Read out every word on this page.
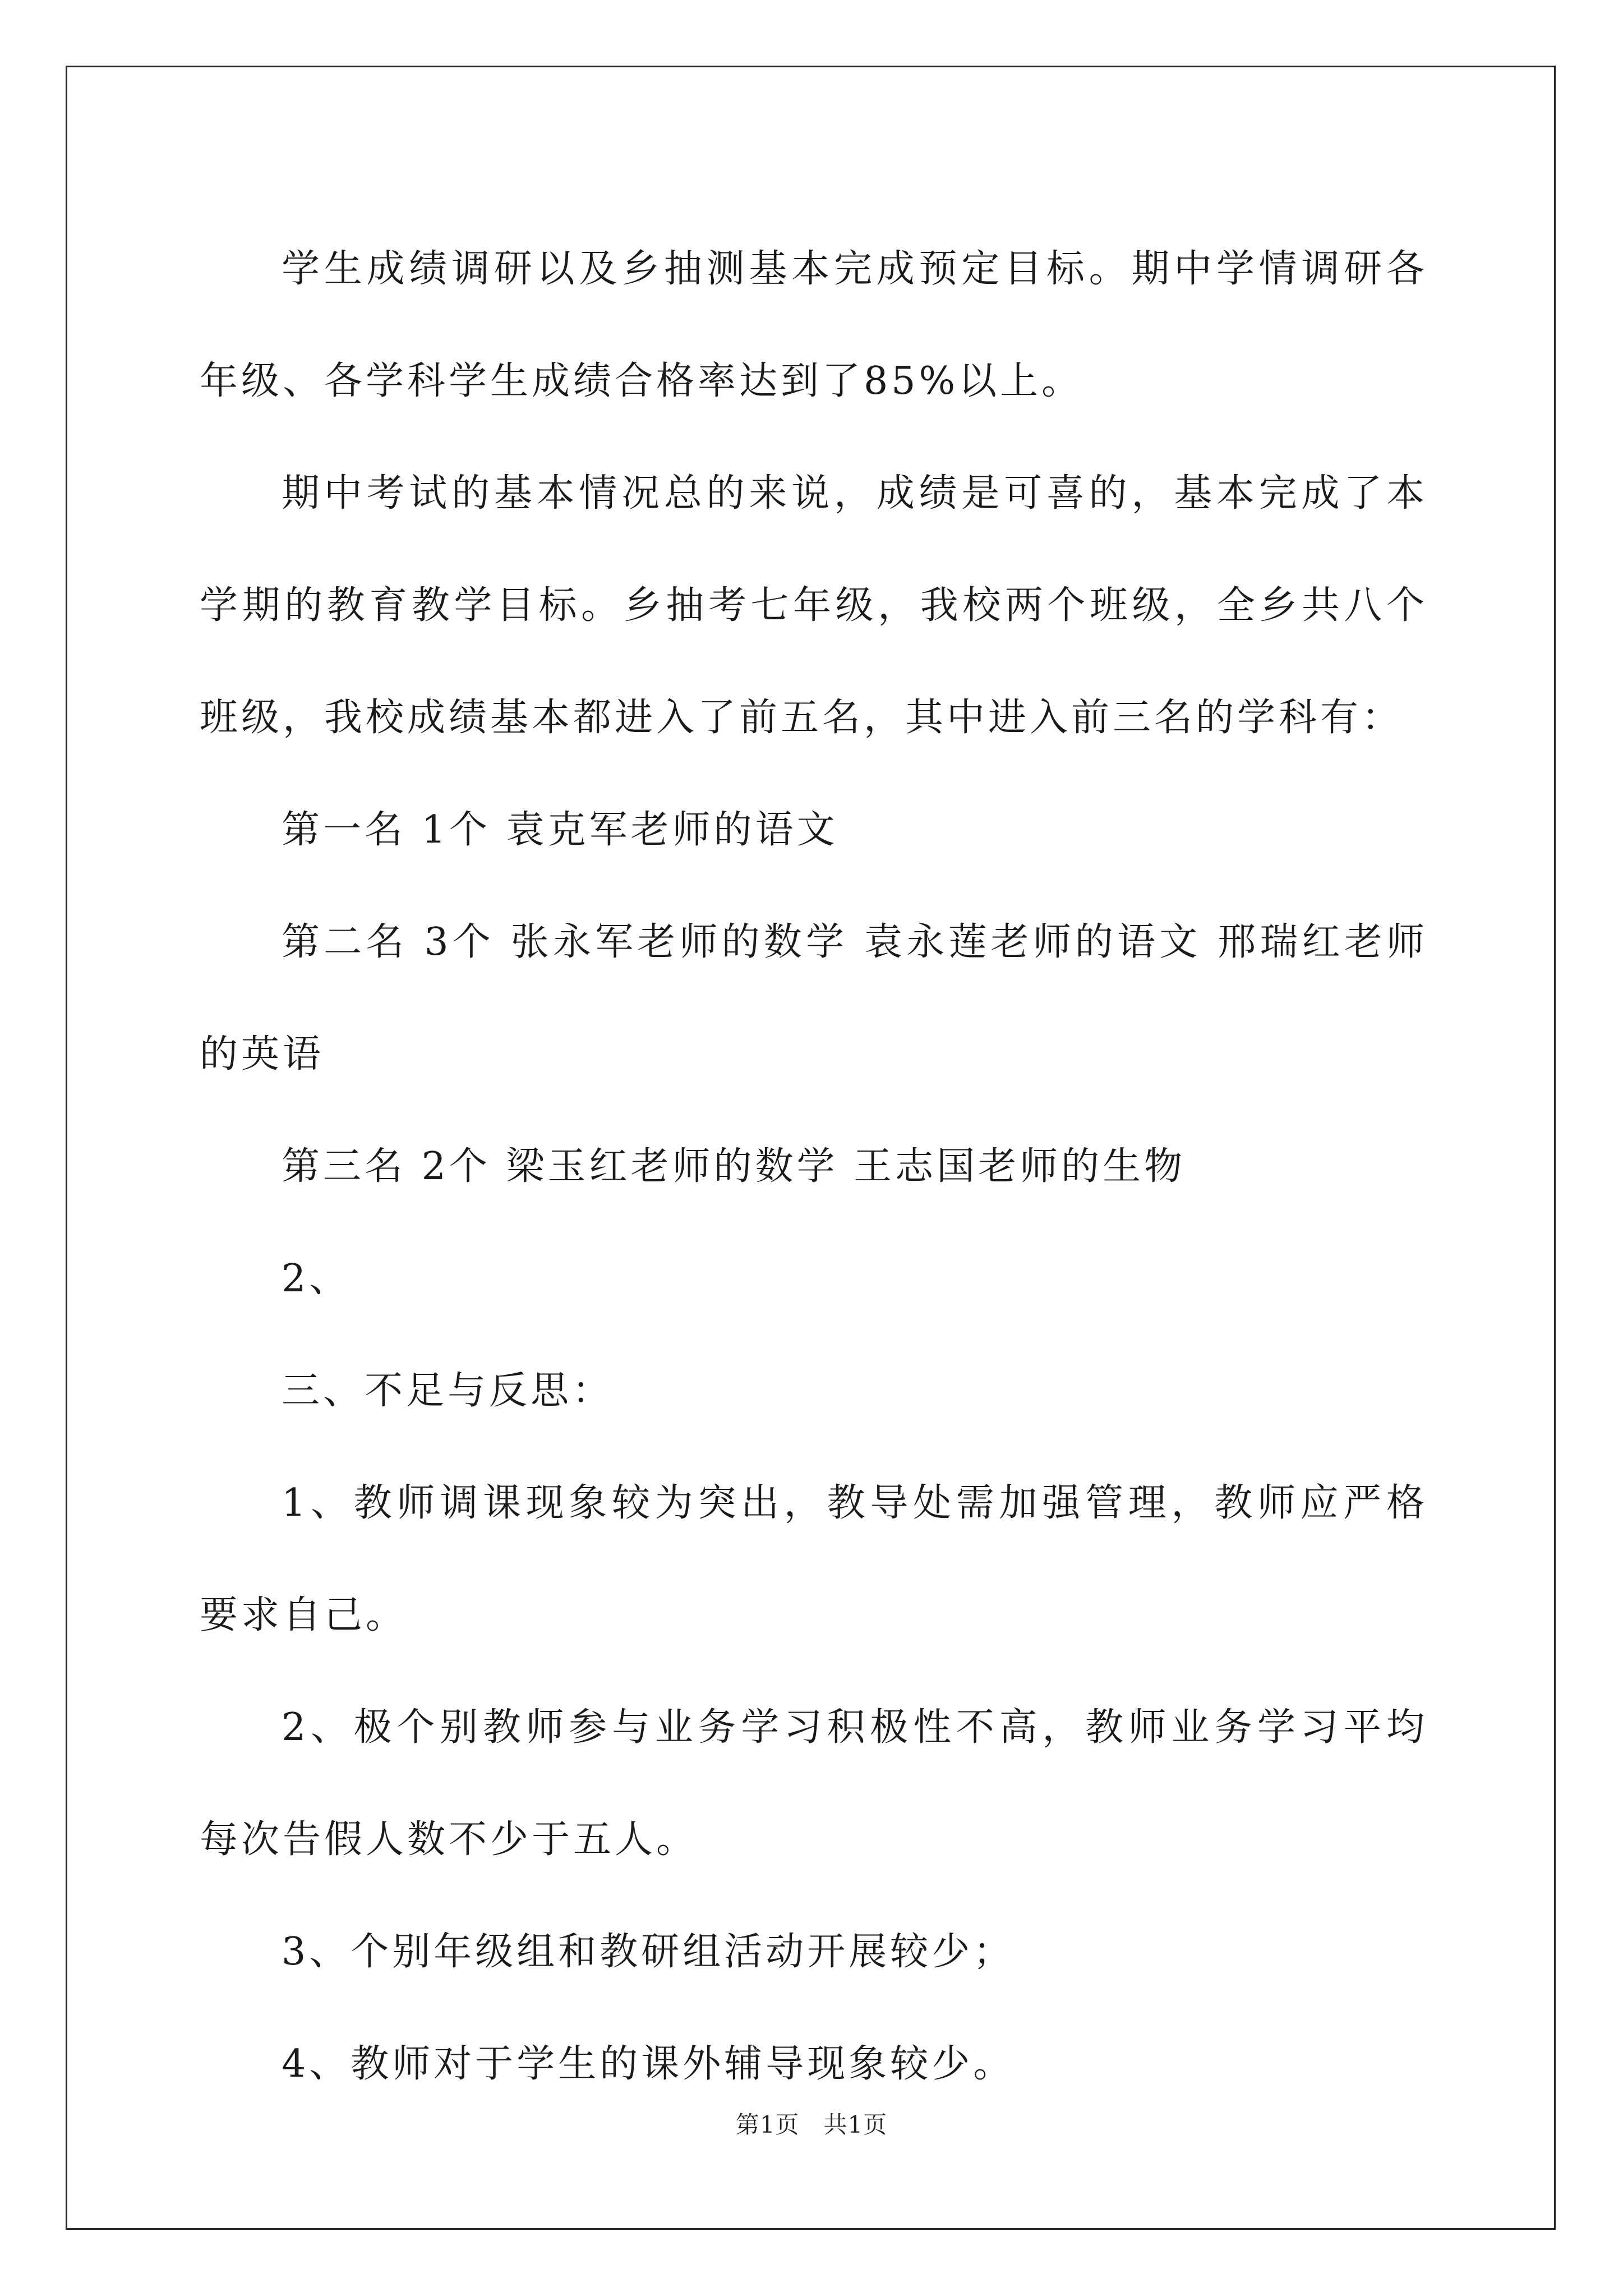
学生成绩调研以及乡抽测基本完成预定目标。期中学情调研各年级、各学科学生成绩合格率达到了85%以上。

期中考试的基本情况总的来说，成绩是可喜的，基本完成了本学期的教育教学目标。乡抽考七年级，我校两个班级，全乡共八个班级，我校成绩基本都进入了前五名，其中进入前三名的学科有：

第一名 1个 袁克军老师的语文

第二名 3个 张永军老师的数学 袁永莲老师的语文 邢瑞红老师的英语

第三名 2个 梁玉红老师的数学 王志国老师的生物

2、

三、不足与反思：

1、教师调课现象较为突出，教导处需加强管理，教师应严格要求自己。

2、极个别教师参与业务学习积极性不高，教师业务学习平均每次告假人数不少于五人。

3、个别年级组和教研组活动开展较少；

4、教师对于学生的课外辅导现象较少。

第1页　共1页
